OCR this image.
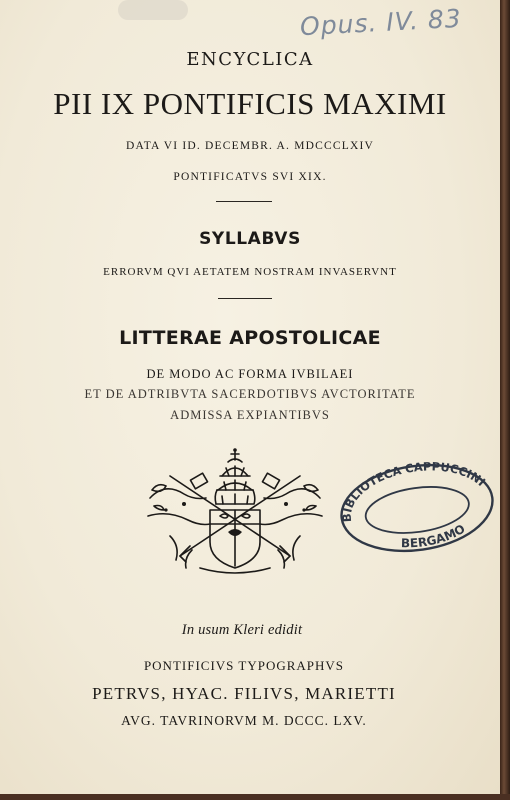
Opus. IV. 83
ENCYCLICA
PII IX PONTIFICIS MAXIMI
DATA VI ID. DECEMBR. A. MDCCCLXIV
PONTIFICATVS SVI XIX.
SYLLABVS
ERRORVM QVI AETATEM NOSTRAM INVASERVNT
LITTERAE APOSTOLICAE
DE MODO AC FORMA IVBILAEI
ET DE ADTRIBVTA SACERDOTIBVS AVCTORITATE
ADMISSA EXPIANTIBVS
BIBLIOTECA CAPPUCCINI
BERGAMO
In usum Kleri edidit
PONTIFICIVS TYPOGRAPHVS
PETRVS, HYAC. FILIVS, MARIETTI
AVG. TAVRINORVM M. DCCC. LXV.
